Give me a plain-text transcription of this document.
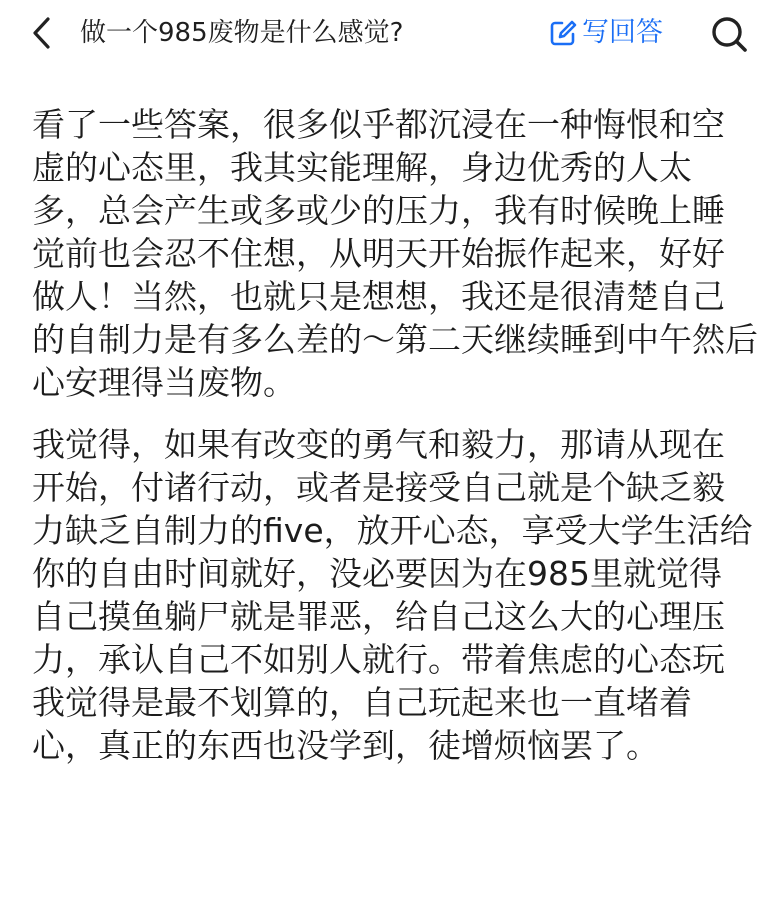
做一个985废物是什么感觉?	写回答

看了一些答案，很多似乎都沉浸在一种悔恨和空
虚的心态里，我其实能理解，身边优秀的人太
多，总会产生或多或少的压力，我有时候晚上睡
觉前也会忍不住想，从明天开始振作起来，好好
做人！当然，也就只是想想，我还是很清楚自己
的自制力是有多么差的～第二天继续睡到中午然后
心安理得当废物。

我觉得，如果有改变的勇气和毅力，那请从现在
开始，付诸行动，或者是接受自己就是个缺乏毅
力缺乏自制力的five，放开心态，享受大学生活给
你的自由时间就好，没必要因为在985里就觉得
自己摸鱼躺尸就是罪恶，给自己这么大的心理压
力，承认自己不如别人就行。带着焦虑的心态玩
我觉得是最不划算的，自己玩起来也一直堵着
心，真正的东西也没学到，徒增烦恼罢了。
